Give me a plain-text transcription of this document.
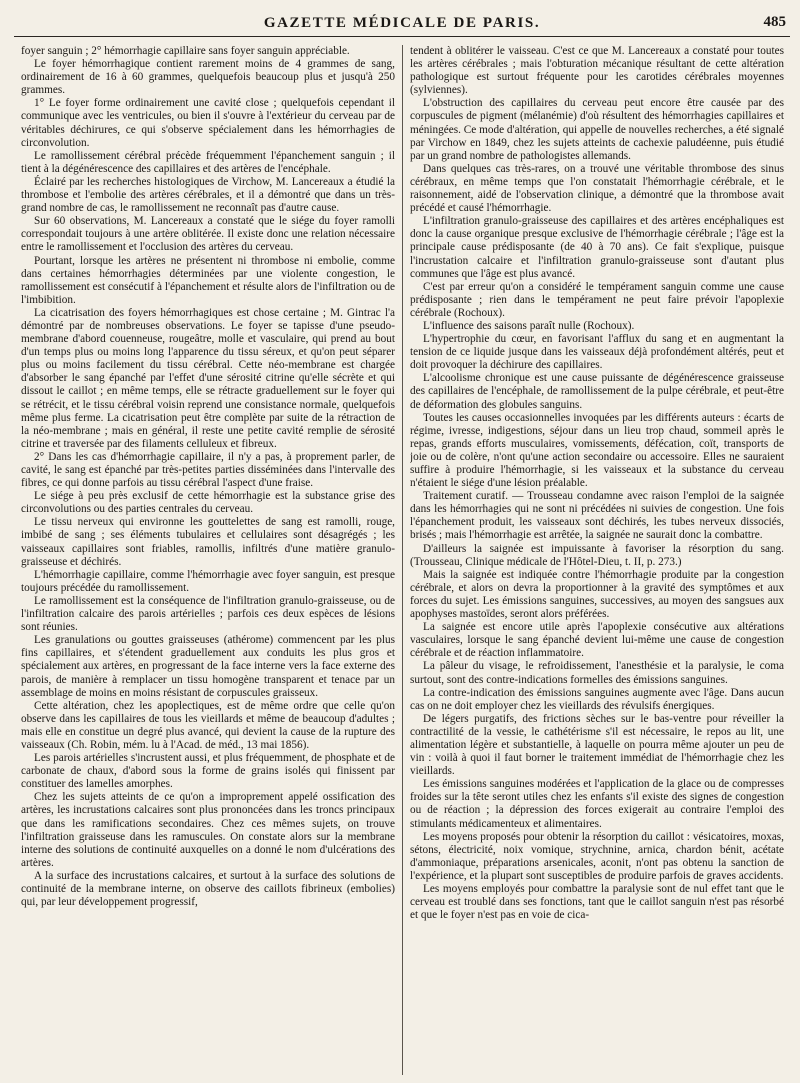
GAZETTE MÉDICALE DE PARIS.	485

foyer sanguin ; 2° hémorrhagie capillaire sans foyer sanguin appréciable.

Le foyer hémorrhagique contient rarement moins de 4 grammes de sang, ordinairement de 16 à 60 grammes, quelquefois beaucoup plus et jusqu'à 250 grammes.

1° Le foyer forme ordinairement une cavité close ; quelquefois cependant il communique avec les ventricules, ou bien il s'ouvre à l'extérieur du cerveau par de véritables déchirures, ce qui s'observe spécialement dans les hémorrhagies de circonvolution.

Le ramollissement cérébral précède fréquemment l'épanchement sanguin ; il tient à la dégénérescence des capillaires et des artères de l'encéphale.

Éclairé par les recherches histologiques de Virchow, M. Lancereaux a étudié la thrombose et l'embolie des artères cérébrales, et il a démontré que dans un très-grand nombre de cas, le ramollissement ne reconnaît pas d'autre cause.

Sur 60 observations, M. Lancereaux a constaté que le siége du foyer ramolli correspondait toujours à une artère oblitérée. Il existe donc une relation nécessaire entre le ramollissement et l'occlusion des artères du cerveau.

Pourtant, lorsque les artères ne présentent ni thrombose ni embolie, comme dans certaines hémorrhagies déterminées par une violente congestion, le ramollissement est consécutif à l'épanchement et résulte alors de l'infiltration ou de l'imbibition.

La cicatrisation des foyers hémorrhagiques est chose certaine ; M. Gintrac l'a démontré par de nombreuses observations. Le foyer se tapisse d'une pseudo-membrane d'abord couenneuse, rougeâtre, molle et vasculaire, qui prend au bout d'un temps plus ou moins long l'apparence du tissu séreux, et qu'on peut séparer plus ou moins facilement du tissu cérébral. Cette néo-membrane est chargée d'absorber le sang épanché par l'effet d'une sérosité citrine qu'elle sécrète et qui dissout le caillot ; en même temps, elle se rétracte graduellement sur le foyer qui se rétrécit, et le tissu cérébral voisin reprend une consistance normale, quelquefois même plus ferme. La cicatrisation peut être complète par suite de la rétraction de la néo-membrane ; mais en général, il reste une petite cavité remplie de sérosité citrine et traversée par des filaments celluleux et fibreux.

2° Dans les cas d'hémorrhagie capillaire, il n'y a pas, à proprement parler, de cavité, le sang est épanché par très-petites parties disséminées dans l'intervalle des fibres, ce qui donne parfois au tissu cérébral l'aspect d'une fraise.

Le siége à peu près exclusif de cette hémorrhagie est la substance grise des circonvolutions ou des parties centrales du cerveau.

Le tissu nerveux qui environne les gouttelettes de sang est ramolli, rouge, imbibé de sang ; ses éléments tubulaires et cellulaires sont désagrégés ; les vaisseaux capillaires sont friables, ramollis, infiltrés d'une matière granulo-graisseuse et déchirés.

L'hémorrhagie capillaire, comme l'hémorrhagie avec foyer sanguin, est presque toujours précédée du ramollissement.

Le ramollissement est la conséquence de l'infiltration granulo-graisseuse, ou de l'infiltration calcaire des parois artérielles ; parfois ces deux espèces de lésions sont réunies.

Les granulations ou gouttes graisseuses (athérome) commencent par les plus fins capillaires, et s'étendent graduellement aux conduits les plus gros et spécialement aux artères, en progressant de la face interne vers la face externe des parois, de manière à remplacer un tissu homogène transparent et tenace par un assemblage de moins en moins résistant de corpuscules graisseux.

Cette altération, chez les apoplectiques, est de même ordre que celle qu'on observe dans les capillaires de tous les vieillards et même de beaucoup d'adultes ; mais elle en constitue un degré plus avancé, qui devient la cause de la rupture des vaisseaux (Ch. Robin, mém. lu à l'Acad. de méd., 13 mai 1856).

Les parois artérielles s'incrustent aussi, et plus fréquemment, de phosphate et de carbonate de chaux, d'abord sous la forme de grains isolés qui finissent par constituer des lamelles amorphes.

Chez les sujets atteints de ce qu'on a improprement appelé ossification des artères, les incrustations calcaires sont plus prononcées dans les troncs principaux que dans les ramifications secondaires. Chez ces mêmes sujets, on trouve l'infiltration graisseuse dans les ramuscules. On constate alors sur la membrane interne des solutions de continuité auxquelles on a donné le nom d'ulcérations des artères.

A la surface des incrustations calcaires, et surtout à la surface des solutions de continuité de la membrane interne, on observe des caillots fibrineux (embolies) qui, par leur développement progressif,

tendent à oblitérer le vaisseau. C'est ce que M. Lancereaux a constaté pour toutes les artères cérébrales ; mais l'obturation mécanique résultant de cette altération pathologique est surtout fréquente pour les carotides cérébrales moyennes (sylviennes).

L'obstruction des capillaires du cerveau peut encore être causée par des corpuscules de pigment (mélanémie) d'où résultent des hémorrhagies capillaires et méningées. Ce mode d'altération, qui appelle de nouvelles recherches, a été signalé par Virchow en 1849, chez les sujets atteints de cachexie paludéenne, puis étudié par un grand nombre de pathologistes allemands.

Dans quelques cas très-rares, on a trouvé une véritable thrombose des sinus cérébraux, en même temps que l'on constatait l'hémorrhagie cérébrale, et le raisonnement, aidé de l'observation clinique, a démontré que la thrombose avait précédé et causé l'hémorrhagie.

L'infiltration granulo-graisseuse des capillaires et des artères encéphaliques est donc la cause organique presque exclusive de l'hémorrhagie cérébrale ; l'âge est la principale cause prédisposante (de 40 à 70 ans). Ce fait s'explique, puisque l'incrustation calcaire et l'infiltration granulo-graisseuse sont d'autant plus communes que l'âge est plus avancé.

C'est par erreur qu'on a considéré le tempérament sanguin comme une cause prédisposante ; rien dans le tempérament ne peut faire prévoir l'apoplexie cérébrale (Rochoux).

L'influence des saisons paraît nulle (Rochoux).

L'hypertrophie du cœur, en favorisant l'afflux du sang et en augmentant la tension de ce liquide jusque dans les vaisseaux déjà profondément altérés, peut et doit provoquer la déchirure des capillaires.

L'alcoolisme chronique est une cause puissante de dégénérescence graisseuse des capillaires de l'encéphale, de ramollissement de la pulpe cérébrale, et peut-être de déformation des globules sanguins.

Toutes les causes occasionnelles invoquées par les différents auteurs : écarts de régime, ivresse, indigestions, séjour dans un lieu trop chaud, sommeil après le repas, grands efforts musculaires, vomissements, défécation, coït, transports de joie ou de colère, n'ont qu'une action secondaire ou accessoire. Elles ne sauraient suffire à produire l'hémorrhagie, si les vaisseaux et la substance du cerveau n'étaient le siége d'une lésion préalable.

Traitement curatif. — Trousseau condamne avec raison l'emploi de la saignée dans les hémorrhagies qui ne sont ni précédées ni suivies de congestion. Une fois l'épanchement produit, les vaisseaux sont déchirés, les tubes nerveux dissociés, brisés ; mais l'hémorrhagie est arrêtée, la saignée ne saurait donc la combattre.

D'ailleurs la saignée est impuissante à favoriser la résorption du sang. (Trousseau, Clinique médicale de l'Hôtel-Dieu, t. II, p. 273.)

Mais la saignée est indiquée contre l'hémorrhagie produite par la congestion cérébrale, et alors on devra la proportionner à la gravité des symptômes et aux forces du sujet. Les émissions sanguines, successives, au moyen des sangsues aux apophyses mastoïdes, seront alors préférées.

La saignée est encore utile après l'apoplexie consécutive aux altérations vasculaires, lorsque le sang épanché devient lui-même une cause de congestion cérébrale et de réaction inflammatoire.

La pâleur du visage, le refroidissement, l'anesthésie et la paralysie, le coma surtout, sont des contre-indications formelles des émissions sanguines.

La contre-indication des émissions sanguines augmente avec l'âge. Dans aucun cas on ne doit employer chez les vieillards des révulsifs énergiques.

De légers purgatifs, des frictions sèches sur le bas-ventre pour réveiller la contractilité de la vessie, le cathétérisme s'il est nécessaire, le repos au lit, une alimentation légère et substantielle, à laquelle on pourra même ajouter un peu de vin : voilà à quoi il faut borner le traitement immédiat de l'hémorrhagie chez les vieillards.

Les émissions sanguines modérées et l'application de la glace ou de compresses froides sur la tête seront utiles chez les enfants s'il existe des signes de congestion ou de réaction ; la dépression des forces exigerait au contraire l'emploi des stimulants médicamenteux et alimentaires.

Les moyens proposés pour obtenir la résorption du caillot : vésicatoires, moxas, sétons, électricité, noix vomique, strychnine, arnica, chardon bénit, acétate d'ammoniaque, préparations arsenicales, aconit, n'ont pas obtenu la sanction de l'expérience, et la plupart sont susceptibles de produire parfois de graves accidents.

Les moyens employés pour combattre la paralysie sont de nul effet tant que le cerveau est troublé dans ses fonctions, tant que le caillot sanguin n'est pas résorbé et que le foyer n'est pas en voie de cica-
